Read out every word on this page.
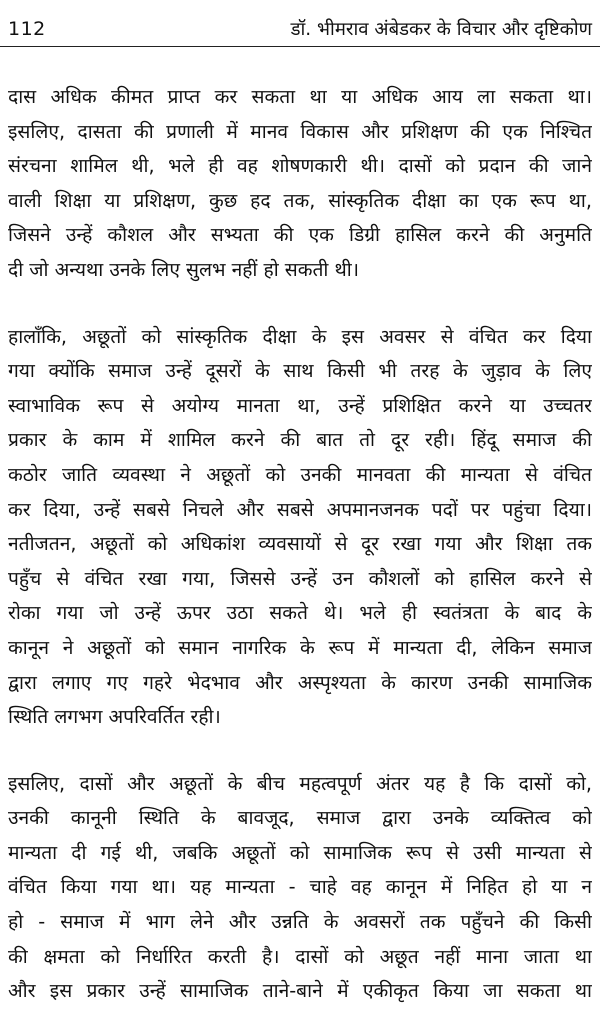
112	डॉ. भीमराव अंबेडकर के विचार और दृष्टिकोण

दास अधिक कीमत प्राप्त कर सकता था या अधिक आय ला सकता था।
इसलिए, दासता की प्रणाली में मानव विकास और प्रशिक्षण की एक निश्चित
संरचना शामिल थी, भले ही वह शोषणकारी थी। दासों को प्रदान की जाने
वाली शिक्षा या प्रशिक्षण, कुछ हद तक, सांस्कृतिक दीक्षा का एक रूप था,
जिसने उन्हें कौशल और सभ्यता की एक डिग्री हासिल करने की अनुमति
दी जो अन्यथा उनके लिए सुलभ नहीं हो सकती थी।

हालाँकि, अछूतों को सांस्कृतिक दीक्षा के इस अवसर से वंचित कर दिया
गया क्योंकि समाज उन्हें दूसरों के साथ किसी भी तरह के जुड़ाव के लिए
स्वाभाविक रूप से अयोग्य मानता था, उन्हें प्रशिक्षित करने या उच्चतर
प्रकार के काम में शामिल करने की बात तो दूर रही। हिंदू समाज की
कठोर जाति व्यवस्था ने अछूतों को उनकी मानवता की मान्यता से वंचित
कर दिया, उन्हें सबसे निचले और सबसे अपमानजनक पदों पर पहुंचा दिया।
नतीजतन, अछूतों को अधिकांश व्यवसायों से दूर रखा गया और शिक्षा तक
पहुँच से वंचित रखा गया, जिससे उन्हें उन कौशलों को हासिल करने से
रोका गया जो उन्हें ऊपर उठा सकते थे। भले ही स्वतंत्रता के बाद के
कानून ने अछूतों को समान नागरिक के रूप में मान्यता दी, लेकिन समाज
द्वारा लगाए गए गहरे भेदभाव और अस्पृश्यता के कारण उनकी सामाजिक
स्थिति लगभग अपरिवर्तित रही।

इसलिए, दासों और अछूतों के बीच महत्वपूर्ण अंतर यह है कि दासों को,
उनकी कानूनी स्थिति के बावजूद, समाज द्वारा उनके व्यक्तित्व को
मान्यता दी गई थी, जबकि अछूतों को सामाजिक रूप से उसी मान्यता से
वंचित किया गया था। यह मान्यता - चाहे वह कानून में निहित हो या न
हो - समाज में भाग लेने और उन्नति के अवसरों तक पहुँचने की किसी
की क्षमता को निर्धारित करती है। दासों को अछूत नहीं माना जाता था
और इस प्रकार उन्हें सामाजिक ताने-बाने में एकीकृत किया जा सकता था
